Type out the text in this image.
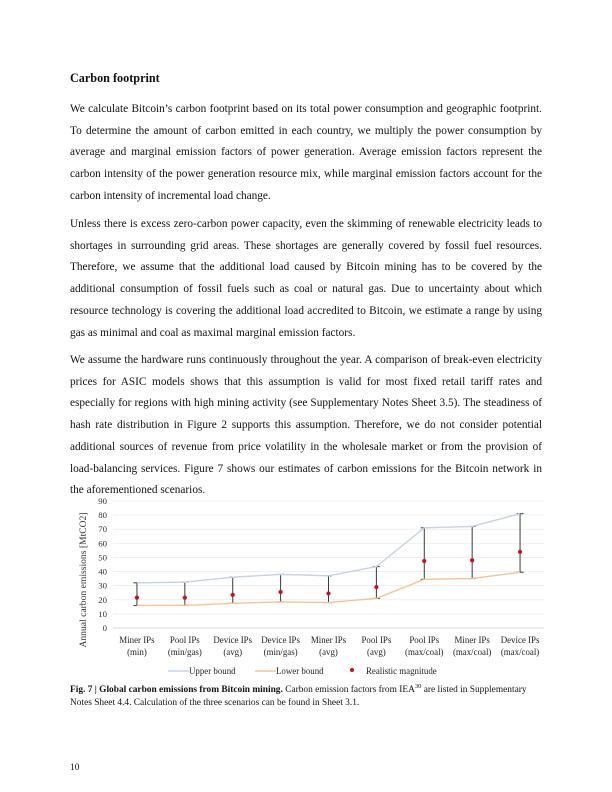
Carbon footprint

We calculate Bitcoin’s carbon footprint based on its total power consumption and geographic footprint. To determine the amount of carbon emitted in each country, we multiply the power consumption by average and marginal emission factors of power generation. Average emission factors represent the carbon intensity of the power generation resource mix, while marginal emission factors account for the carbon intensity of incremental load change.

Unless there is excess zero-carbon power capacity, even the skimming of renewable electricity leads to shortages in surrounding grid areas. These shortages are generally covered by fossil fuel resources. Therefore, we assume that the additional load caused by Bitcoin mining has to be covered by the additional consumption of fossil fuels such as coal or natural gas. Due to uncertainty about which resource technology is covering the additional load accredited to Bitcoin, we estimate a range by using gas as minimal and coal as maximal marginal emission factors.

We assume the hardware runs continuously throughout the year. A comparison of break-even electricity prices for ASIC models shows that this assumption is valid for most fixed retail tariff rates and especially for regions with high mining activity (see Supplementary Notes Sheet 3.5). The steadiness of hash rate distribution in Figure 2 supports this assumption. Therefore, we do not consider potential additional sources of revenue from price volatility in the wholesale market or from the provision of load-balancing services. Figure 7 shows our estimates of carbon emissions for the Bitcoin network in the aforementioned scenarios.

0
10
20
30
40
50
60
70
80
90
Miner IPs
(min)
Pool IPs
(min/gas)
Device IPs
(avg)
Device IPs
(min/gas)
Miner IPs
(avg)
Pool IPs
(avg)
Pool IPs
(max/coal)
Miner IPs
(max/coal)
Device IPs
(max/coal)
Upper bound	Lower bound	Realistic magnitude
Annual carbon emissions [MtCO2]
Fig. 7 | Global carbon emissions from Bitcoin mining. Carbon emission factors from IEA$^{30}$ are listed in Supplementary Notes Sheet 4.4. Calculation of the three scenarios can be found in Sheet 3.1.
10
